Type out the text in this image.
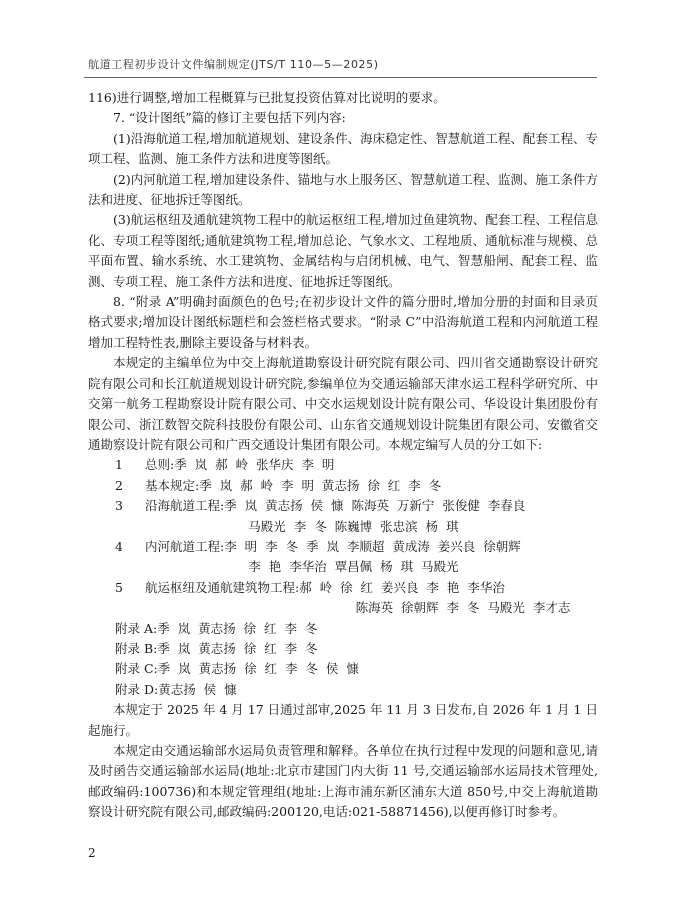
航道工程初步设计文件编制规定(JTS/T 110—5—2025)

116)进行调整,增加工程概算与已批复投资估算对比说明的要求。

7. “设计图纸”篇的修订主要包括下列内容:

(1)沿海航道工程,增加航道规划、建设条件、海床稳定性、智慧航道工程、配套工程、专项工程、监测、施工条件方法和进度等图纸。

(2)内河航道工程,增加建设条件、锚地与水上服务区、智慧航道工程、监测、施工条件方法和进度、征地拆迁等图纸。

(3)航运枢纽及通航建筑物工程中的航运枢纽工程,增加过鱼建筑物、配套工程、工程信息化、专项工程等图纸;通航建筑物工程,增加总论、气象水文、工程地质、通航标准与规模、总平面布置、输水系统、水工建筑物、金属结构与启闭机械、电气、智慧船闸、配套工程、监测、专项工程、施工条件方法和进度、征地拆迁等图纸。

8. “附录 A”明确封面颜色的色号;在初步设计文件的篇分册时,增加分册的封面和目录页格式要求;增加设计图纸标题栏和会签栏格式要求。“附录 C”中沿海航道工程和内河航道工程增加工程特性表,删除主要设备与材料表。

本规定的主编单位为中交上海航道勘察设计研究院有限公司、四川省交通勘察设计研究院有限公司和长江航道规划设计研究院,参编单位为交通运输部天津水运工程科学研究所、中交第一航务工程勘察设计院有限公司、中交水运规划设计院有限公司、华设设计集团股份有限公司、浙江数智交院科技股份有限公司、山东省交通规划设计院集团有限公司、安徽省交通勘察设计院有限公司和广西交通设计集团有限公司。本规定编写人员的分工如下:

1	总则:季  岚  郝  岭  张华庆  李  明
2	基本规定:季  岚  郝  岭  李  明  黄志扬  徐  红  李  冬
3	沿海航道工程:季  岚  黄志扬  侯  慷  陈海英  万新宁  张俊健  李春良
马殿光  李  冬  陈巍博  张忠滨  杨  琪
4	内河航道工程:李  明  李  冬  季  岚  李顺超  黄成涛  姜兴良  徐朝辉
李  艳  李华治  覃昌佩  杨  琪  马殿光
5	航运枢纽及通航建筑物工程:郝  岭  徐  红  姜兴良  李  艳  李华治
陈海英  徐朝辉  李  冬  马殿光  李才志

附录 A:季  岚  黄志扬  徐  红  李  冬

附录 B:季  岚  黄志扬  徐  红  李  冬

附录 C:季  岚  黄志扬  徐  红  李  冬  侯  慷

附录 D:黄志扬  侯  慷

本规定于 2025 年 4 月 17 日通过部审,2025 年 11 月 3 日发布,自 2026 年 1 月 1 日起施行。

本规定由交通运输部水运局负责管理和解释。各单位在执行过程中发现的问题和意见,请及时函告交通运输部水运局(地址:北京市建国门内大街 11 号,交通运输部水运局技术管理处,邮政编码:100736)和本规定管理组(地址:上海市浦东新区浦东大道 850号,中交上海航道勘察设计研究院有限公司,邮政编码:200120,电话:021-58871456),以便再修订时参考。

2
